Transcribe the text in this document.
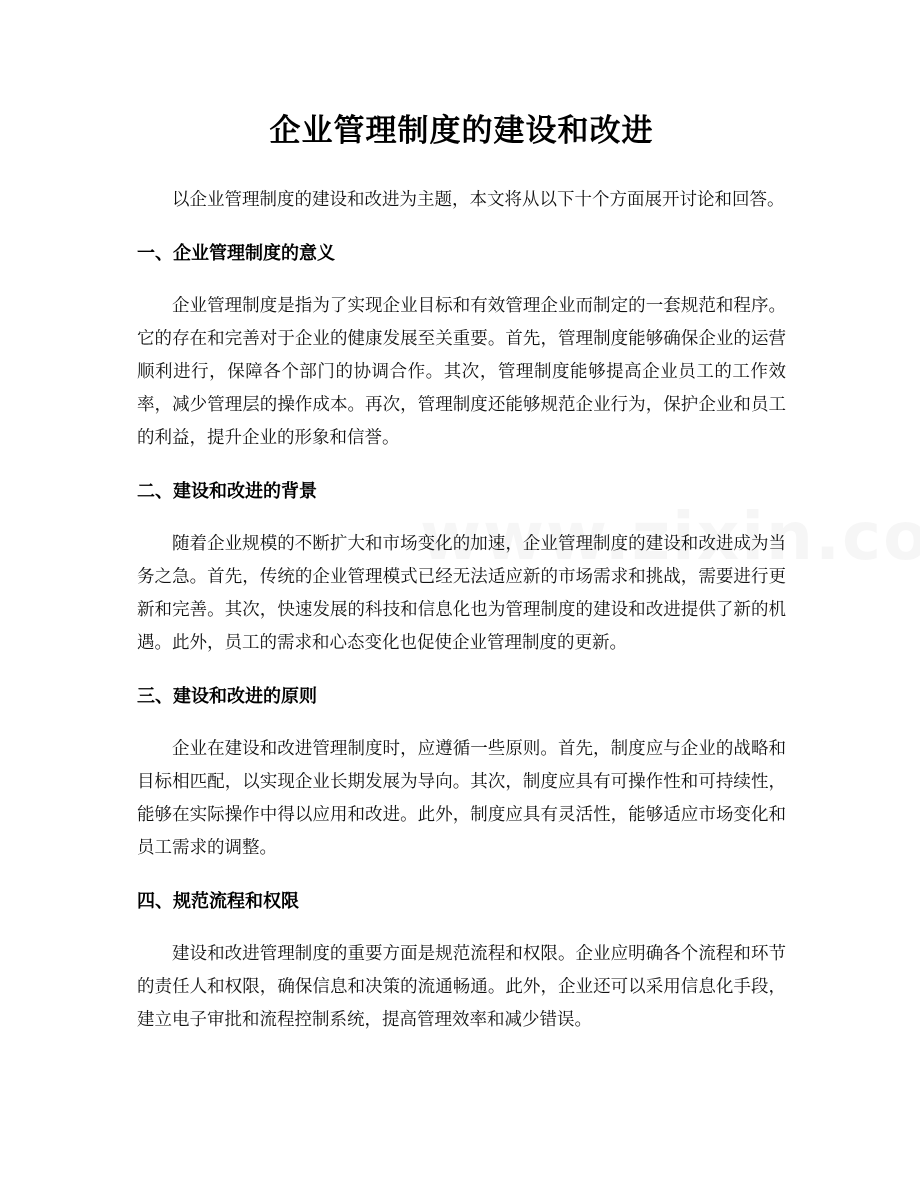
企业管理制度的建设和改进

以企业管理制度的建设和改进为主题，本文将从以下十个方面展开讨论和回答。

一、企业管理制度的意义

企业管理制度是指为了实现企业目标和有效管理企业而制定的一套规范和程序。它的存在和完善对于企业的健康发展至关重要。首先，管理制度能够确保企业的运营顺利进行，保障各个部门的协调合作。其次，管理制度能够提高企业员工的工作效率，减少管理层的操作成本。再次，管理制度还能够规范企业行为，保护企业和员工的利益，提升企业的形象和信誉。

二、建设和改进的背景

随着企业规模的不断扩大和市场变化的加速，企业管理制度的建设和改进成为当务之急。首先，传统的企业管理模式已经无法适应新的市场需求和挑战，需要进行更新和完善。其次，快速发展的科技和信息化也为管理制度的建设和改进提供了新的机遇。此外，员工的需求和心态变化也促使企业管理制度的更新。

三、建设和改进的原则

企业在建设和改进管理制度时，应遵循一些原则。首先，制度应与企业的战略和目标相匹配，以实现企业长期发展为导向。其次，制度应具有可操作性和可持续性，能够在实际操作中得以应用和改进。此外，制度应具有灵活性，能够适应市场变化和员工需求的调整。

四、规范流程和权限

建设和改进管理制度的重要方面是规范流程和权限。企业应明确各个流程和环节的责任人和权限，确保信息和决策的流通畅通。此外，企业还可以采用信息化手段，建立电子审批和流程控制系统，提高管理效率和减少错误。
